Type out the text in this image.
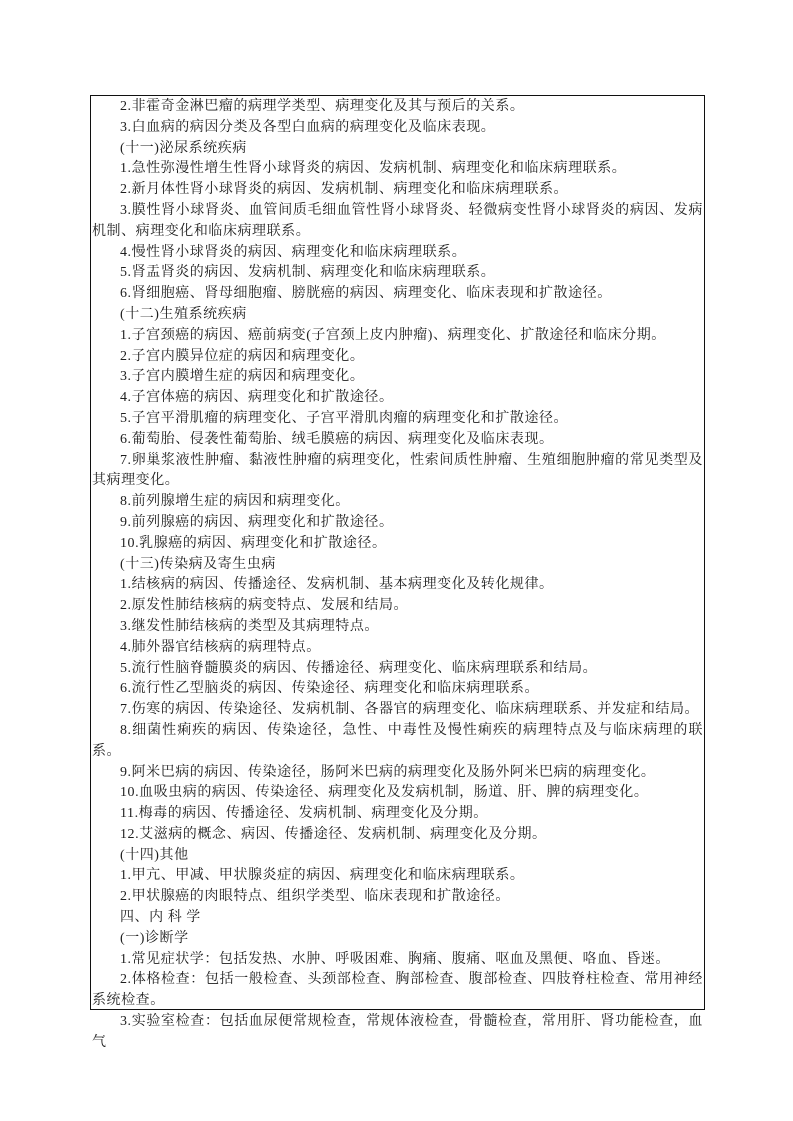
2.非霍奇金淋巴瘤的病理学类型、病理变化及其与预后的关系。

3.白血病的病因分类及各型白血病的病理变化及临床表现。

(十一)泌尿系统疾病

1.急性弥漫性增生性肾小球肾炎的病因、发病机制、病理变化和临床病理联系。

2.新月体性肾小球肾炎的病因、发病机制、病理变化和临床病理联系。

3.膜性肾小球肾炎、血管间质毛细血管性肾小球肾炎、轻微病变性肾小球肾炎的病因、发病机制、病理变化和临床病理联系。

4.慢性肾小球肾炎的病因、病理变化和临床病理联系。

5.肾盂肾炎的病因、发病机制、病理变化和临床病理联系。

6.肾细胞癌、肾母细胞瘤、膀胱癌的病因、病理变化、临床表现和扩散途径。

(十二)生殖系统疾病

1.子宫颈癌的病因、癌前病变(子宫颈上皮内肿瘤)、病理变化、扩散途径和临床分期。

2.子宫内膜异位症的病因和病理变化。

3.子宫内膜增生症的病因和病理变化。

4.子宫体癌的病因、病理变化和扩散途径。

5.子宫平滑肌瘤的病理变化、子宫平滑肌肉瘤的病理变化和扩散途径。

6.葡萄胎、侵袭性葡萄胎、绒毛膜癌的病因、病理变化及临床表现。

7.卵巢浆液性肿瘤、黏液性肿瘤的病理变化，性索间质性肿瘤、生殖细胞肿瘤的常见类型及其病理变化。

8.前列腺增生症的病因和病理变化。

9.前列腺癌的病因、病理变化和扩散途径。

10.乳腺癌的病因、病理变化和扩散途径。

(十三)传染病及寄生虫病

1.结核病的病因、传播途径、发病机制、基本病理变化及转化规律。

2.原发性肺结核病的病变特点、发展和结局。

3.继发性肺结核病的类型及其病理特点。

4.肺外器官结核病的病理特点。

5.流行性脑脊髓膜炎的病因、传播途径、病理变化、临床病理联系和结局。

6.流行性乙型脑炎的病因、传染途径、病理变化和临床病理联系。

7.伤寒的病因、传染途径、发病机制、各器官的病理变化、临床病理联系、并发症和结局。

8.细菌性痢疾的病因、传染途径，急性、中毒性及慢性痢疾的病理特点及与临床病理的联系。

9.阿米巴病的病因、传染途径，肠阿米巴病的病理变化及肠外阿米巴病的病理变化。

10.血吸虫病的病因、传染途径、病理变化及发病机制，肠道、肝、脾的病理变化。

11.梅毒的病因、传播途径、发病机制、病理变化及分期。

12.艾滋病的概念、病因、传播途径、发病机制、病理变化及分期。

(十四)其他

1.甲亢、甲减、甲状腺炎症的病因、病理变化和临床病理联系。

2.甲状腺癌的肉眼特点、组织学类型、临床表现和扩散途径。

四、内 科 学

(一)诊断学

1.常见症状学：包括发热、水肿、呼吸困难、胸痛、腹痛、呕血及黑便、咯血、昏迷。

2.体格检查：包括一般检查、头颈部检查、胸部检查、腹部检查、四肢脊柱检查、常用神经系统检查。

3.实验室检查：包括血尿便常规检查，常规体液检查，骨髓检查，常用肝、肾功能检查，血气
